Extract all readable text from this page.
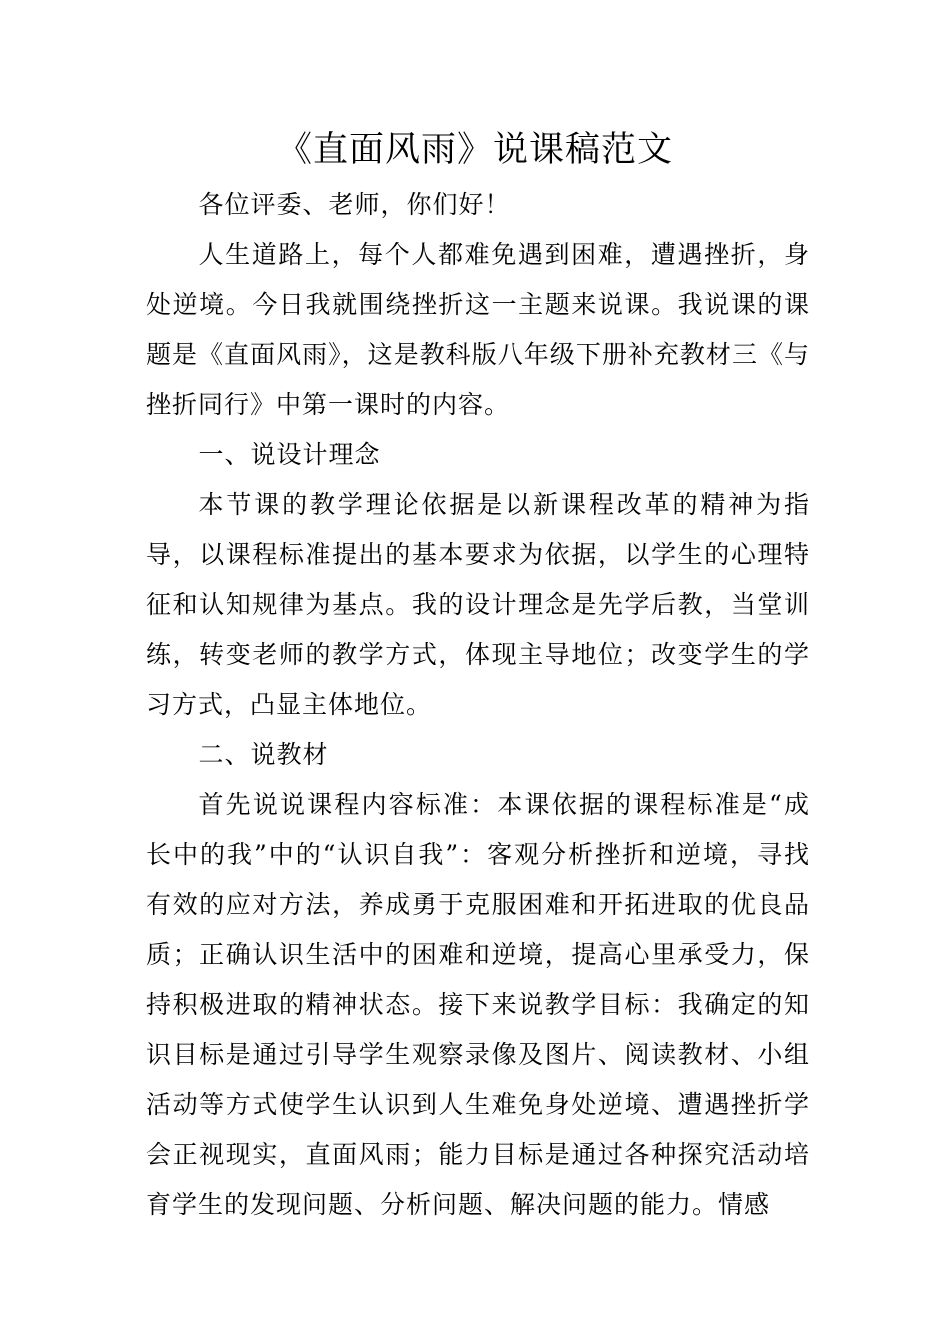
《直面风雨》说课稿范文

各位评委、老师，你们好！

人生道路上，每个人都难免遇到困难，遭遇挫折，身处逆境。今日我就围绕挫折这一主题来说课。我说课的课题是《直面风雨》，这是教科版八年级下册补充教材三《与挫折同行》中第一课时的内容。

一、说设计理念

本节课的教学理论依据是以新课程改革的精神为指导，以课程标准提出的基本要求为依据，以学生的心理特征和认知规律为基点。我的设计理念是先学后教，当堂训练，转变老师的教学方式，体现主导地位；改变学生的学习方式，凸显主体地位。

二、说教材

首先说说课程内容标准：本课依据的课程标准是“成长中的我”中的“认识自我”：客观分析挫折和逆境，寻找有效的应对方法，养成勇于克服困难和开拓进取的优良品质；正确认识生活中的困难和逆境，提高心里承受力，保持积极进取的精神状态。接下来说教学目标：我确定的知识目标是通过引导学生观察录像及图片、阅读教材、小组活动等方式使学生认识到人生难免身处逆境、遭遇挫折学会正视现实，直面风雨；能力目标是通过各种探究活动培育学生的发现问题、分析问题、解决问题的能力。情感
